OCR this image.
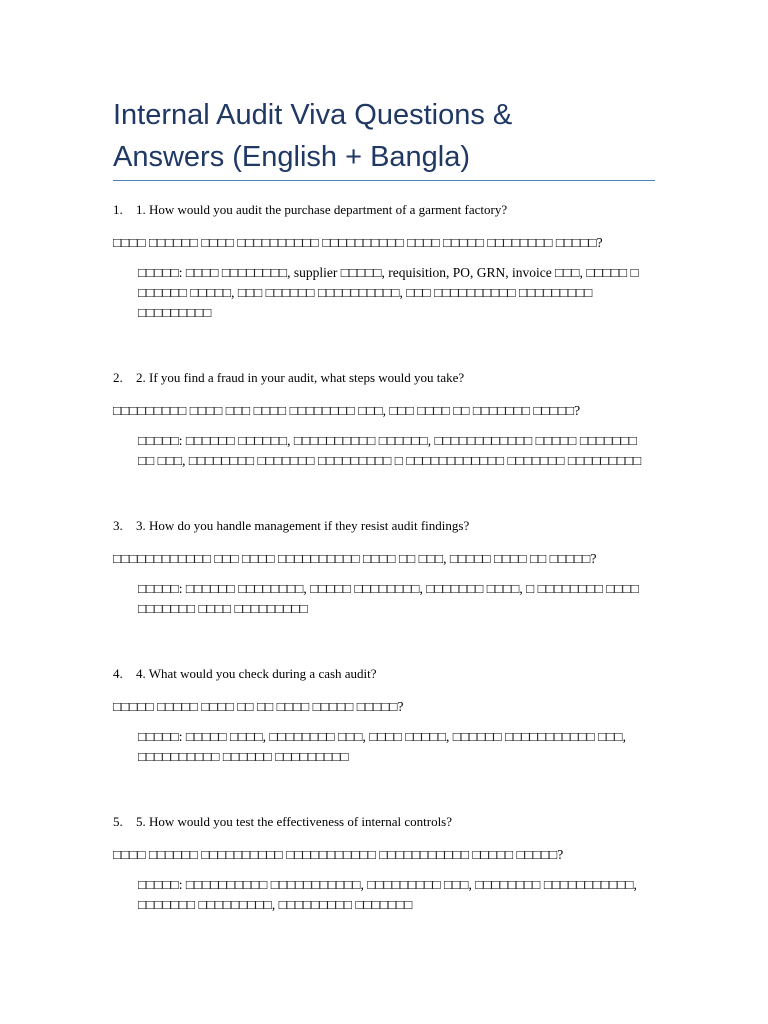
Internal Audit Viva Questions & Answers (English + Bangla)
1. 1. How would you audit the purchase department of a garment factory?
□□□□ □□□□□□ □□□□ □□□□□□□□□□ □□□□□□□□□□ □□□□ □□□□□ □□□□□□□□ □□□□□?
□□□□□: □□□□ □□□□□□□□, supplier □□□□□, requisition, PO, GRN, invoice □□□, □□□□□ □
□□□□□□ □□□□□, □□□ □□□□□□ □□□□□□□□□□, □□□ □□□□□□□□□□ □□□□□□□□□
□□□□□□□□□
2. 2. If you find a fraud in your audit, what steps would you take?
□□□□□□□□□ □□□□ □□□ □□□□ □□□□□□□□ □□□, □□□ □□□□ □□ □□□□□□□ □□□□□?
□□□□□: □□□□□□ □□□□□□, □□□□□□□□□□ □□□□□□, □□□□□□□□□□□□ □□□□□ □□□□□□□
□□ □□□, □□□□□□□□ □□□□□□□ □□□□□□□□□ □ □□□□□□□□□□□□ □□□□□□□ □□□□□□□□□
3. 3. How do you handle management if they resist audit findings?
□□□□□□□□□□□□ □□□ □□□□ □□□□□□□□□□ □□□□ □□ □□□, □□□□□ □□□□ □□ □□□□□?
□□□□□: □□□□□□ □□□□□□□□, □□□□□ □□□□□□□□, □□□□□□□ □□□□, □ □□□□□□□□ □□□□
□□□□□□□ □□□□ □□□□□□□□□
4. 4. What would you check during a cash audit?
□□□□□ □□□□□ □□□□ □□ □□ □□□□ □□□□□ □□□□□?
□□□□□: □□□□□ □□□□, □□□□□□□□ □□□, □□□□ □□□□□, □□□□□□ □□□□□□□□□□□ □□□,
□□□□□□□□□□ □□□□□□ □□□□□□□□□
5. 5. How would you test the effectiveness of internal controls?
□□□□ □□□□□□ □□□□□□□□□□ □□□□□□□□□□□ □□□□□□□□□□□ □□□□□ □□□□□?
□□□□□: □□□□□□□□□□ □□□□□□□□□□□, □□□□□□□□□ □□□, □□□□□□□□ □□□□□□□□□□□,
□□□□□□□ □□□□□□□□□, □□□□□□□□□ □□□□□□□
